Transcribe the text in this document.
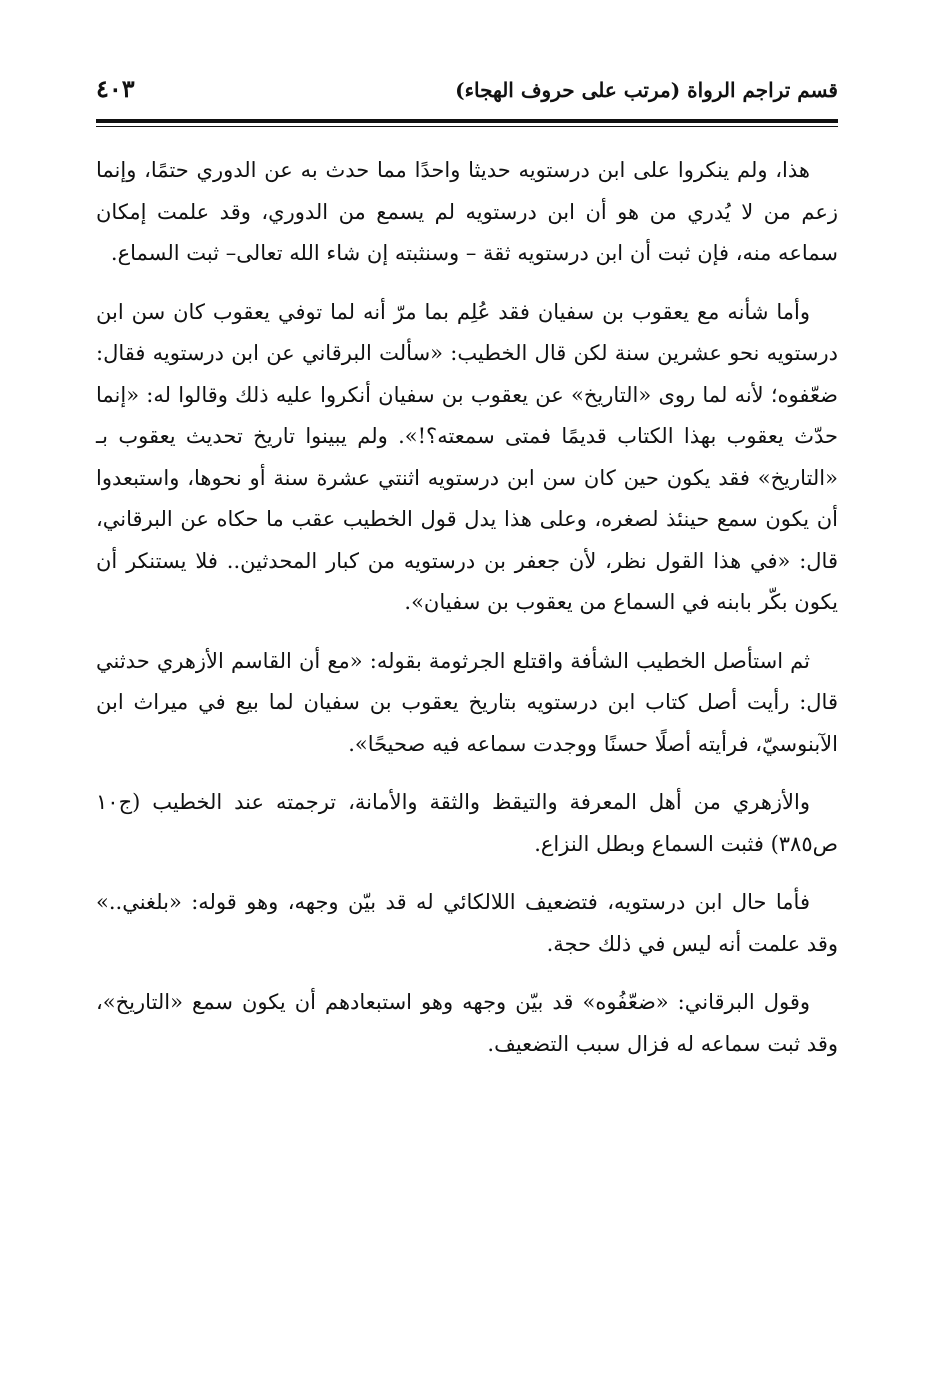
قسم تراجم الرواة (مرتب على حروف الهجاء)
٤٠٣

هذا، ولم ينكروا على ابن درستويه حديثا واحدًا مما حدث به عن الدوري حتمًا، وإنما زعم من لا يُدري من هو أن ابن درستويه لم يسمع من الدوري، وقد علمت إمكان سماعه منه، فإن ثبت أن ابن درستويه ثقة – وسنثبته إن شاء الله تعالى– ثبت السماع.

وأما شأنه مع يعقوب بن سفيان فقد عُلِم بما مرّ أنه لما توفي يعقوب كان سن ابن درستويه نحو عشرين سنة لكن قال الخطيب: «سألت البرقاني عن ابن درستويه فقال: ضعّفوه؛ لأنه لما روى «التاريخ» عن يعقوب بن سفيان أنكروا عليه ذلك وقالوا له: «إنما حدّث يعقوب بهذا الكتاب قديمًا فمتى سمعته؟!». ولم يبينوا تاريخ تحديث يعقوب بـ «التاريخ» فقد يكون حين كان سن ابن درستويه اثنتي عشرة سنة أو نحوها، واستبعدوا أن يكون سمع حينئذ لصغره، وعلى هذا يدل قول الخطيب عقب ما حكاه عن البرقاني، قال: «في هذا القول نظر، لأن جعفر بن درستويه من كبار المحدثين.. فلا يستنكر أن يكون بكّر بابنه في السماع من يعقوب بن سفيان».

ثم استأصل الخطيب الشأفة واقتلع الجرثومة بقوله: «مع أن القاسم الأزهري حدثني قال: رأيت أصل كتاب ابن درستويه بتاريخ يعقوب بن سفيان لما بيع في ميراث ابن الآبنوسيّ، فرأيته أصلًا حسنًا ووجدت سماعه فيه صحيحًا».

والأزهري من أهل المعرفة والتيقظ والثقة والأمانة، ترجمته عند الخطيب (ج١٠ ص٣٨٥) فثبت السماع وبطل النزاع.

فأما حال ابن درستويه، فتضعيف اللالكائي له قد بيّن وجهه، وهو قوله: «بلغني..» وقد علمت أنه ليس في ذلك حجة.

وقول البرقاني: «ضعّفُوه» قد بيّن وجهه وهو استبعادهم أن يكون سمع «التاريخ»، وقد ثبت سماعه له فزال سبب التضعيف.
